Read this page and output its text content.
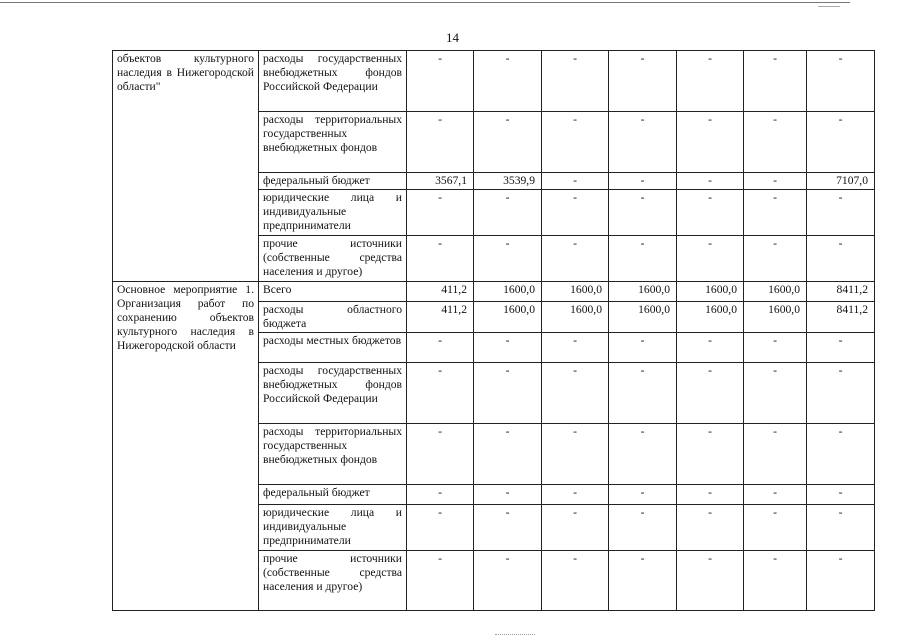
14
объектов культурного наследия в Нижегородской области"	расходы государственных внебюджетных фондов Российской Федерации	-	-	-	-	-	-	-
	расходы территориальных государственных внебюджетных фондов	-	-	-	-	-	-	-
	федеральный бюджет	3567,1	3539,9	-	-	-	-	7107,0
	юридические лица и индивидуальные предприниматели	-	-	-	-	-	-	-
	прочие источники (собственные средства населения и другое)	-	-	-	-	-	-	-
Основное мероприятие 1. Организация работ по сохранению объектов культурного наследия в Нижегородской области	Всего	411,2	1600,0	1600,0	1600,0	1600,0	1600,0	8411,2
	расходы областного бюджета	411,2	1600,0	1600,0	1600,0	1600,0	1600,0	8411,2
	расходы местных бюджетов	-	-	-	-	-	-	-
	расходы государственных внебюджетных фондов Российской Федерации	-	-	-	-	-	-	-
	расходы территориальных государственных внебюджетных фондов	-	-	-	-	-	-	-
	федеральный бюджет	-	-	-	-	-	-	-
	юридические лица и индивидуальные предприниматели	-	-	-	-	-	-	-
	прочие источники (собственные средства населения и другое)	-	-	-	-	-	-	-
